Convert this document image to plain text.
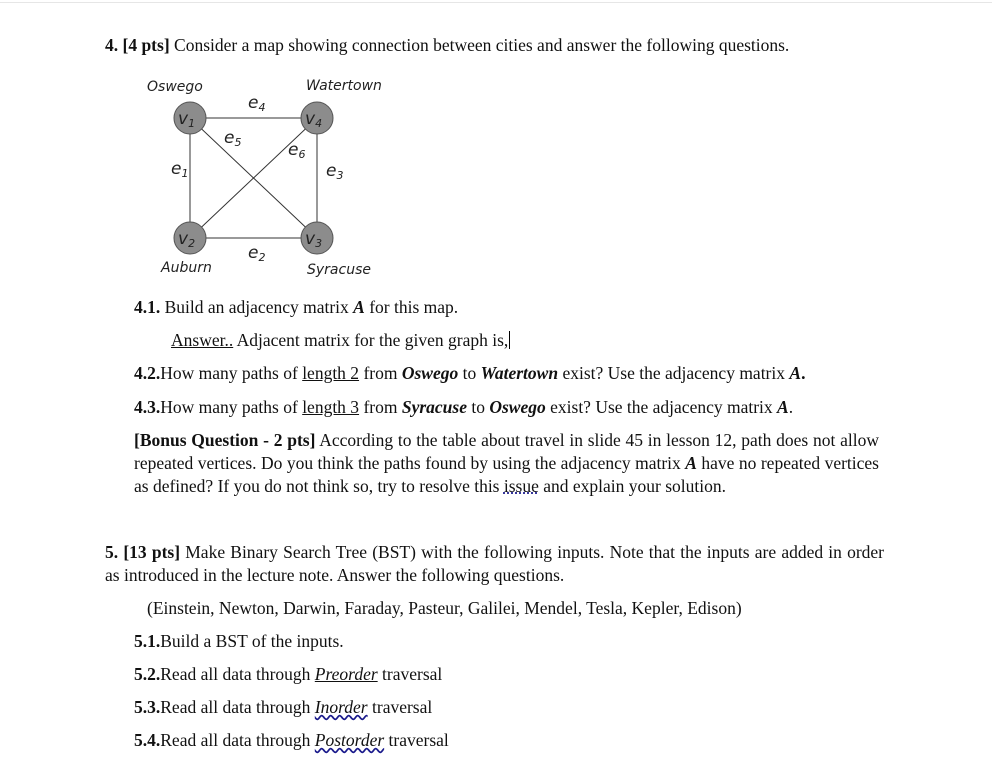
4. [4 pts] Consider a map showing connection between cities and answer the following questions.
v1	v4
v2	v3
e4
e5	e6
e1	e3
e2
Oswego	Watertown
Auburn	Syracuse
4.1. Build an adjacency matrix A for this map.
Answer.. Adjacent matrix for the given graph is,
4.2.How many paths of length 2 from Oswego to Watertown exist? Use the adjacency matrix A.
4.3.How many paths of length 3 from Syracuse to Oswego exist? Use the adjacency matrix A.
[Bonus Question - 2 pts] According to the table about travel in slide 45 in lesson 12, path does not allow repeated vertices. Do you think the paths found by using the adjacency matrix A have no repeated vertices as defined? If you do not think so, try to resolve this issue and explain your solution.
5. [13 pts] Make Binary Search Tree (BST) with the following inputs. Note that the inputs are added in order as introduced in the lecture note. Answer the following questions.
(Einstein, Newton, Darwin, Faraday, Pasteur, Galilei, Mendel, Tesla, Kepler, Edison)
5.1.Build a BST of the inputs.
5.2.Read all data through Preorder traversal
5.3.Read all data through Inorder traversal
5.4.Read all data through Postorder traversal
